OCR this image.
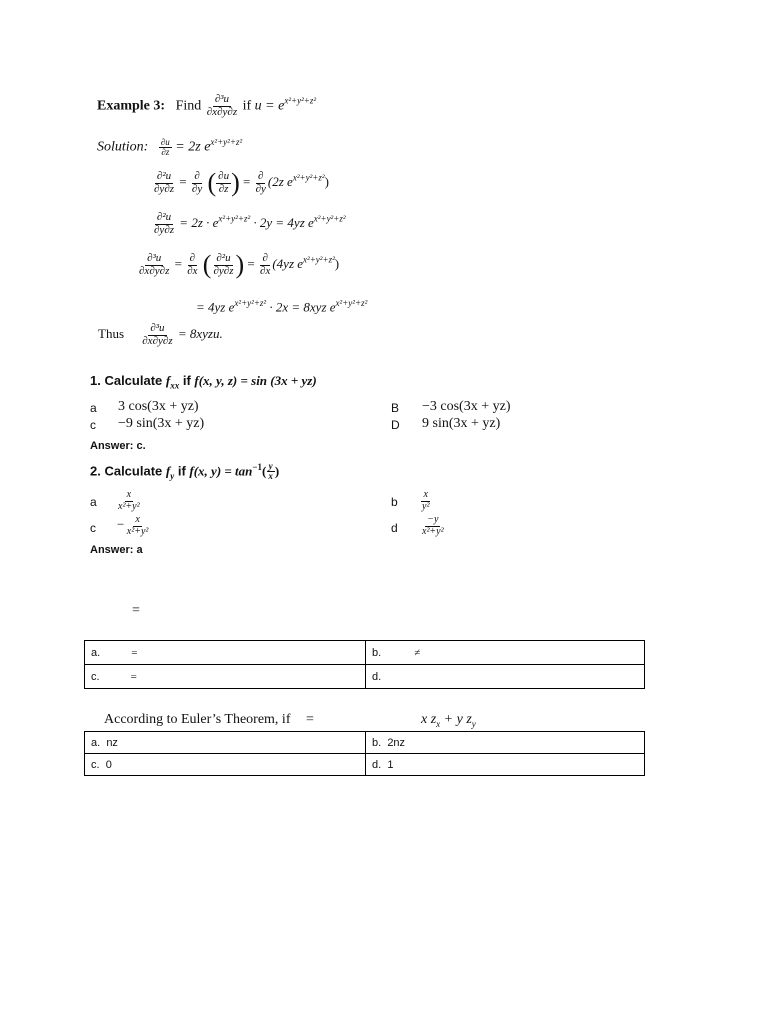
Example 3: Find $\frac{\text{∂³u}}{\partial x\partial y\partial z}$ if $u = e^{x^2+y^2+z^2}$
Solution: $\frac{\partial u}{\partial z} = 2z$ $e^{x^2+y^2+z^2}$
$\frac{\text{∂²u}}{\partial y\partial z} = \frac{\partial}{\partial y}$ ( $\frac{\partial u}{\partial z}$ ) = $\frac{\partial}{\partial y} (2z$ $e^{x^2+y^2+z^2}$)
$\frac{\text{∂²u}}{\partial y\partial z} = 2z \cdot e^{x^2+y^2+z^2} \cdot 2y = 4yz$ $e^{x^2+y^2+z^2}$
$\frac{\text{∂³u}}{\partial x\partial y\partial z} = \frac{\partial}{\partial x}$ ( $\frac{\text{∂²u}}{\partial y\partial z}$ ) = $\frac{\partial}{\partial x} (4yz$ $e^{x^2+y^2+z^2}$)
= 4yz $e^{x^2+y^2+z^2} \cdot 2x = 8xyz$ $e^{x^2+y^2+z^2}$
Thus $\frac{\text{∂³u}}{\partial x\partial y\partial z}$ = 8xyzu.
1. Calculate $f_{xx}$ if f(x, y, z) = sin (3x + yz)
a 3 cos(3x + yz)	B −3 cos(3x + yz)
c −9 sin(3x + yz)	D 9 sin(3x + yz)
Answer: c.
2. Calculate $f_y$ if f(x, $y) = \tan^{-1}( \frac{y}{x}$ )
a $\frac{x}{\text{x²+y²}}$	b $\frac{x}{\text{y²}}$
$c - \frac{x}{\text{x²+y²}}$	d $\frac{-y}{\text{x²+y²}}$
Answer: a
=
a. =	b. ≠
c. =	d.
According to Euler’s Theorem, if =	x $z_x + y$ $z_y$
a. nz	b. 2nz
c. 0	d. 1
